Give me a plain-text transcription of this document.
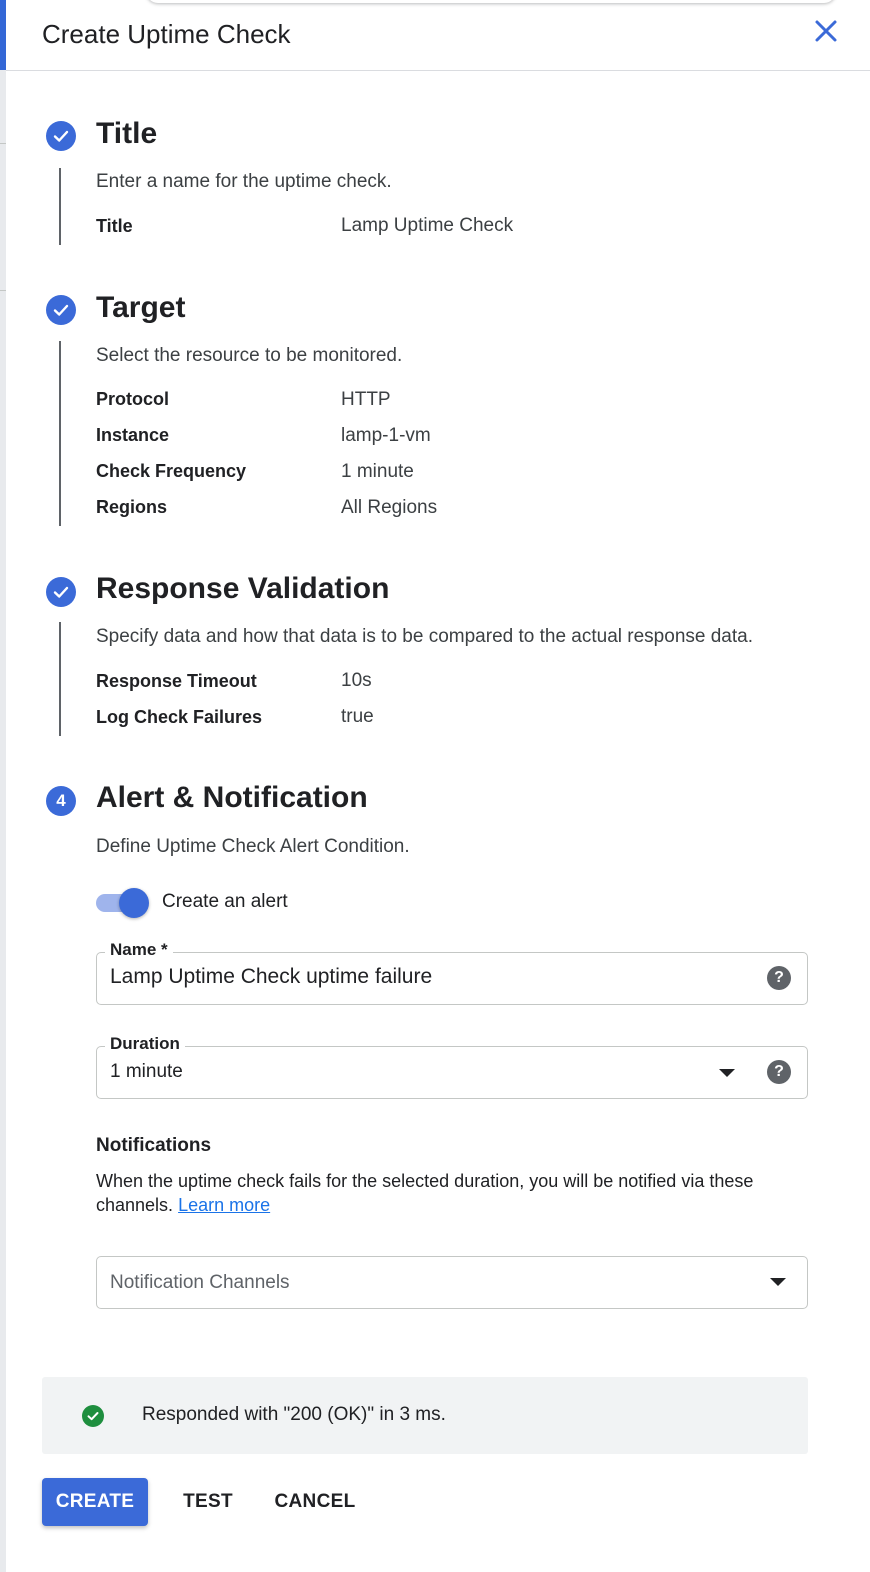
Create Uptime Check
Title
Enter a name for the uptime check.
Title	Lamp Uptime Check
Target
Select the resource to be monitored.
Protocol	HTTP
Instance	lamp-1-vm
Check Frequency	1 minute
Regions	All Regions
Response Validation
Specify data and how that data is to be compared to the actual response data.
Response Timeout	10s
Log Check Failures	true
4	Alert & Notification
Define Uptime Check Alert Condition.
Create an alert
Name *
Lamp Uptime Check uptime failure
?
Duration
1 minute	?
Notifications
When the uptime check fails for the selected duration, you will be notified via these channels. Learn more
Notification Channels
Responded with "200 (OK)" in 3 ms.
CREATE	TEST	CANCEL
